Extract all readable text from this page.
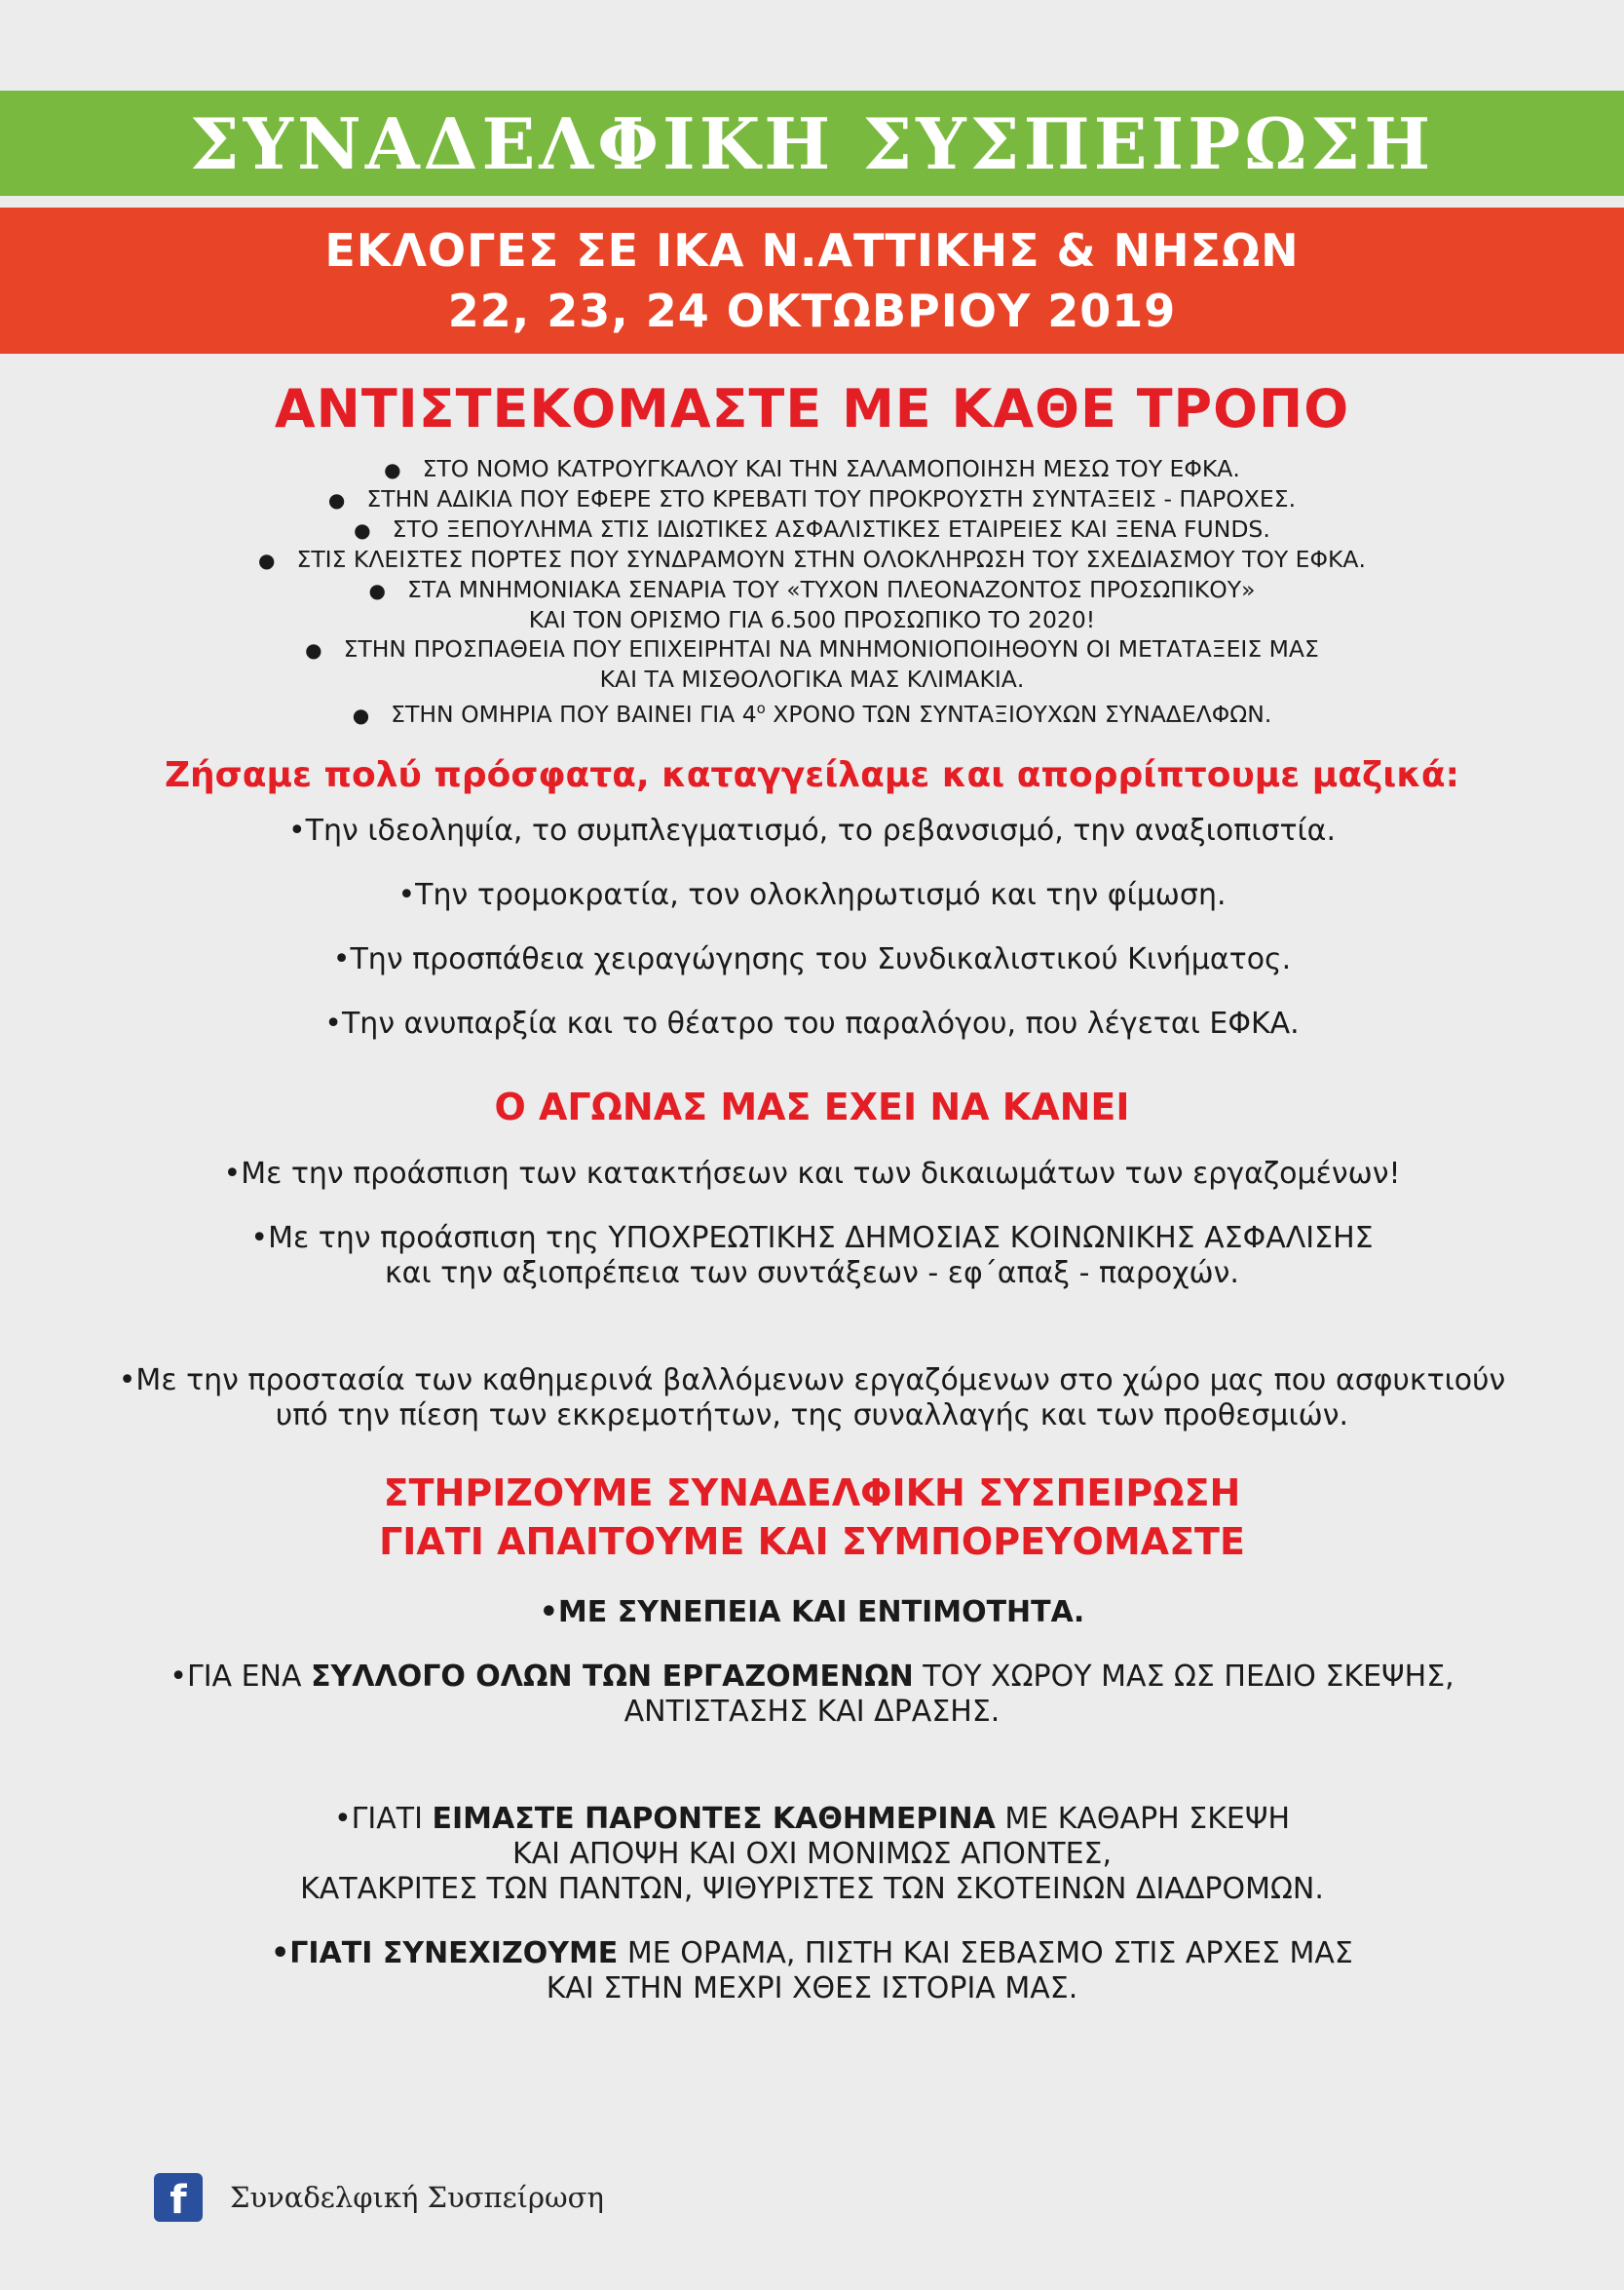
ΣΥΝΑΔΕΛΦΙΚΗ ΣΥΣΠΕΙΡΩΣΗ
ΕΚΛΟΓΕΣ ΣΕ ΙΚΑ Ν.ΑΤΤΙΚΗΣ & ΝΗΣΩΝ
22, 23, 24 ΟΚΤΩΒΡΙΟΥ 2019
ΑΝΤΙΣΤΕΚΟΜΑΣΤΕ ΜΕ ΚΑΘΕ ΤΡΟΠΟ
● ΣΤΟ ΝΟΜΟ ΚΑΤΡΟΥΓΚΑΛΟΥ ΚΑΙ ΤΗΝ ΣΑΛΑΜΟΠΟΙΗΣΗ ΜΕΣΩ ΤΟΥ ΕΦΚΑ.
● ΣΤΗΝ ΑΔΙΚΙΑ ΠΟΥ ΕΦΕΡΕ ΣΤΟ ΚΡΕΒΑΤΙ ΤΟΥ ΠΡΟΚΡΟΥΣΤΗ ΣΥΝΤΑΞΕΙΣ - ΠΑΡΟΧΕΣ.
● ΣΤΟ ΞΕΠΟΥΛΗΜΑ ΣΤΙΣ ΙΔΙΩΤΙΚΕΣ ΑΣΦΑΛΙΣΤΙΚΕΣ ΕΤΑΙΡΕΙΕΣ ΚΑΙ ΞΕΝΑ FUNDS.
● ΣΤΙΣ ΚΛΕΙΣΤΕΣ ΠΟΡΤΕΣ ΠΟΥ ΣΥΝΔΡΑΜΟΥΝ ΣΤΗΝ ΟΛΟΚΛΗΡΩΣΗ ΤΟΥ ΣΧΕΔΙΑΣΜΟΥ ΤΟΥ ΕΦΚΑ.
● ΣΤΑ ΜΝΗΜΟΝΙΑΚΑ ΣΕΝΑΡΙΑ ΤΟΥ «ΤΥΧΟΝ ΠΛΕΟΝΑΖΟΝΤΟΣ ΠΡΟΣΩΠΙΚΟΥ»
ΚΑΙ ΤΟΝ ΟΡΙΣΜΟ ΓΙΑ 6.500 ΠΡΟΣΩΠΙΚΟ ΤΟ 2020!
● ΣΤΗΝ ΠΡΟΣΠΑΘΕΙΑ ΠΟΥ ΕΠΙΧΕΙΡΗΤΑΙ ΝΑ ΜΝΗΜΟΝΙΟΠΟΙΗΘΟΥΝ ΟΙ ΜΕΤΑΤΑΞΕΙΣ ΜΑΣ
ΚΑΙ ΤΑ ΜΙΣΘΟΛΟΓΙΚΑ ΜΑΣ ΚΛΙΜΑΚΙΑ.
● ΣΤΗΝ ΟΜΗΡΙΑ ΠΟΥ ΒΑΙΝΕΙ ΓΙΑ $4^o$ ΧΡΟΝΟ ΤΩΝ ΣΥΝΤΑΞΙΟΥΧΩΝ ΣΥΝΑΔΕΛΦΩΝ.
Ζήσαμε πολύ πρόσφατα, καταγγείλαμε και απορρίπτουμε μαζικά:
•Την ιδεοληψία, το συμπλεγματισμό, το ρεβανσισμό, την αναξιοπιστία.
•Την τρομοκρατία, τον ολοκληρωτισμό και την φίμωση.
•Την προσπάθεια χειραγώγησης του Συνδικαλιστικού Κινήματος.
•Την ανυπαρξία και το θέατρο του παραλόγου, που λέγεται ΕΦΚΑ.
Ο ΑΓΩΝΑΣ ΜΑΣ ΕΧΕΙ ΝΑ ΚΑΝΕΙ
•Με την προάσπιση των κατακτήσεων και των δικαιωμάτων των εργαζομένων!
•Με την προάσπιση της ΥΠΟΧΡΕΩΤΙΚΗΣ ΔΗΜΟΣΙΑΣ ΚΟΙΝΩΝΙΚΗΣ ΑΣΦΑΛΙΣΗΣ
και την αξιοπρέπεια των συντάξεων - εφ΄απαξ - παροχών.
•Με την προστασία των καθημερινά βαλλόμενων εργαζόμενων στο χώρο μας που ασφυκτιούν
υπό την πίεση των εκκρεμοτήτων, της συναλλαγής και των προθεσμιών.
ΣΤΗΡΙΖΟΥΜΕ ΣΥΝΑΔΕΛΦΙΚΗ ΣΥΣΠΕΙΡΩΣΗ
ΓΙΑΤΙ ΑΠΑΙΤΟΥΜΕ ΚΑΙ ΣΥΜΠΟΡΕΥΟΜΑΣΤΕ
•ΜΕ ΣΥΝΕΠΕΙΑ ΚΑΙ ΕΝΤΙΜΟΤΗΤΑ.
•ΓΙΑ ΕΝΑ ΣΥΛΛΟΓΟ ΟΛΩΝ ΤΩΝ ΕΡΓΑΖΟΜΕΝΩΝ ΤΟΥ ΧΩΡΟΥ ΜΑΣ ΩΣ ΠΕΔΙΟ ΣΚΕΨΗΣ,
ΑΝΤΙΣΤΑΣΗΣ ΚΑΙ ΔΡΑΣΗΣ.
•ΓΙΑΤΙ ΕΙΜΑΣΤΕ ΠΑΡΟΝΤΕΣ ΚΑΘΗΜΕΡΙΝΑ ΜΕ ΚΑΘΑΡΗ ΣΚΕΨΗ
ΚΑΙ ΑΠΟΨΗ ΚΑΙ ΟΧΙ ΜΟΝΙΜΩΣ ΑΠΟΝΤΕΣ,
ΚΑΤΑΚΡΙΤΕΣ ΤΩΝ ΠΑΝΤΩΝ, ΨΙΘΥΡΙΣΤΕΣ ΤΩΝ ΣΚΟΤΕΙΝΩΝ ΔΙΑΔΡΟΜΩΝ.
•ΓΙΑΤΙ ΣΥΝΕΧΙΖΟΥΜΕ ΜΕ ΟΡΑΜΑ, ΠΙΣΤΗ ΚΑΙ ΣΕΒΑΣΜΟ ΣΤΙΣ ΑΡΧΕΣ ΜΑΣ
ΚΑΙ ΣΤΗΝ ΜΕΧΡΙ ΧΘΕΣ ΙΣΤΟΡΙΑ ΜΑΣ.
f	Συναδελφική Συσπείρωση
